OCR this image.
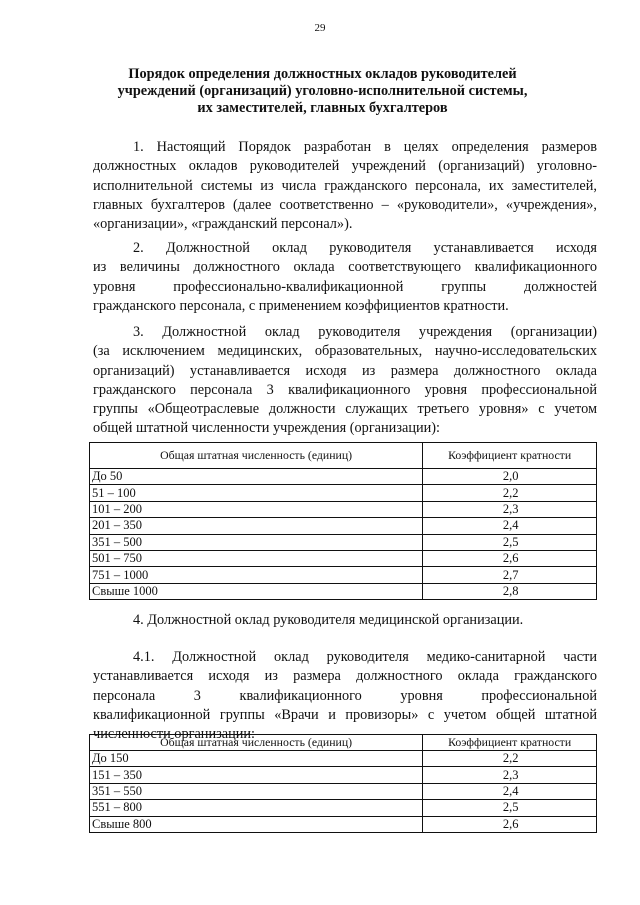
29
Порядок определения должностных окладов руководителей
учреждений (организаций) уголовно-исполнительной системы,
их заместителей, главных бухгалтеров
1. Настоящий Порядок разработан в целях определения размеров
должностных окладов руководителей учреждений (организаций) уголовно-
исполнительной системы из числа гражданского персонала, их заместителей,
главных бухгалтеров (далее соответственно – «руководители», «учреждения»,
«организации», «гражданский персонал»).
2. Должностной оклад руководителя устанавливается исходя
из величины должностного оклада соответствующего квалификационного
уровня профессионально-квалификационной группы должностей
гражданского персонала, с применением коэффициентов кратности.
3. Должностной оклад руководителя учреждения (организации)
(за исключением медицинских, образовательных, научно-исследовательских
организаций) устанавливается исходя из размера должностного оклада
гражданского персонала 3 квалификационного уровня профессиональной
группы «Общеотраслевые должности служащих третьего уровня» с учетом
общей штатной численности учреждения (организации):
Общая штатная численность (единиц)	Коэффициент кратности
До 50	2,0
51 – 100	2,2
101 – 200	2,3
201 – 350	2,4
351 – 500	2,5
501 – 750	2,6
751 – 1000	2,7
Свыше 1000	2,8
4. Должностной оклад руководителя медицинской организации.
4.1. Должностной оклад руководителя медико-санитарной части
устанавливается исходя из размера должностного оклада гражданского
персонала 3 квалификационного уровня профессиональной
квалификационной группы «Врачи и провизоры» с учетом общей штатной
численности организации:
Общая штатная численность (единиц)	Коэффициент кратности
До 150	2,2
151 – 350	2,3
351 – 550	2,4
551 – 800	2,5
Свыше 800	2,6
